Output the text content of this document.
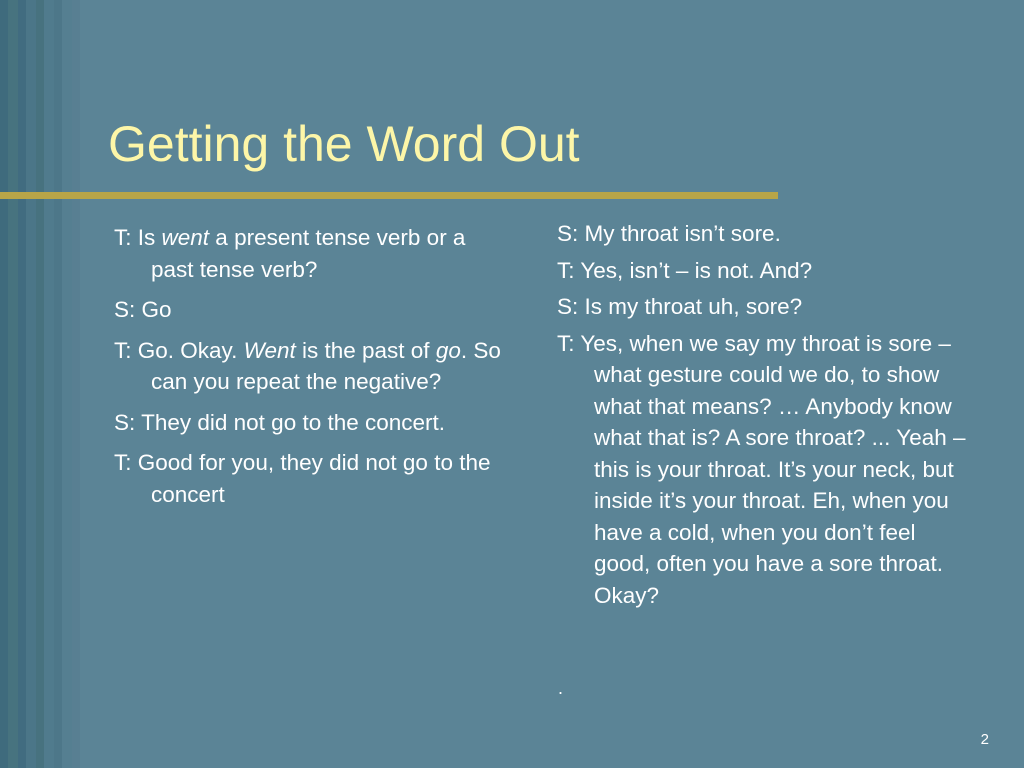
Getting the Word Out

T: Is went a present tense verb or a past tense verb?

S: Go

T: Go. Okay. Went is the past of go. So can you repeat the negative?

S: They did not go to the concert.

T: Good for you, they did not go to the concert

S: My throat isn’t sore.

T: Yes, isn’t – is not. And?

S: Is my throat uh, sore?

T: Yes, when we say my throat is sore – what gesture could we do, to show what that means? … Anybody know what that is? A sore throat? ... Yeah – this is your throat. It’s your neck, but inside it’s your throat. Eh, when you have a cold, when you don’t feel good, often you have a sore throat. Okay?

.
2
